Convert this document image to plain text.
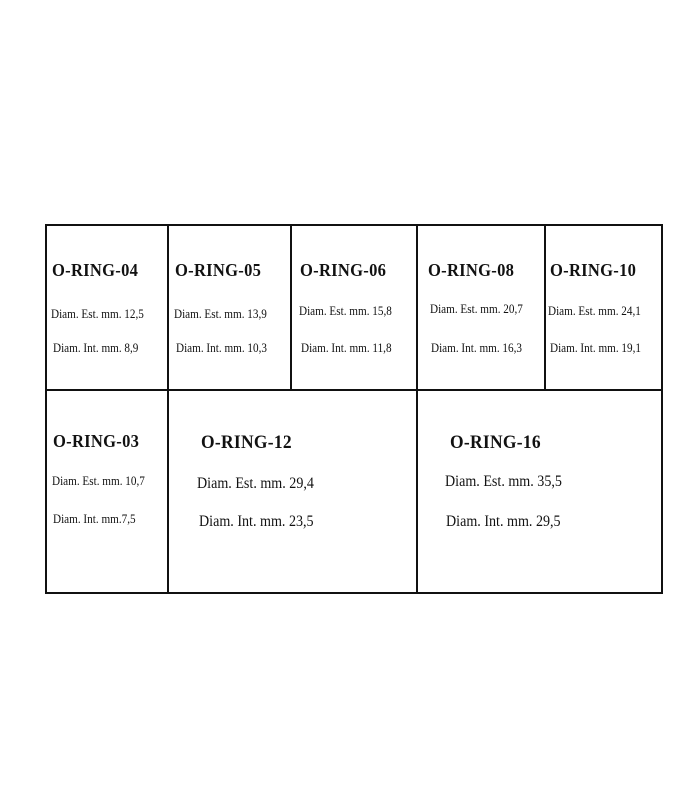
O-RING-04
Diam. Est. mm. 12,5
Diam. Int. mm. 8,9
O-RING-05
Diam. Est. mm. 13,9
Diam. Int. mm. 10,3
O-RING-06
Diam. Est. mm. 15,8
Diam. Int. mm. 11,8
O-RING-08
Diam. Est. mm. 20,7
Diam. Int. mm. 16,3
O-RING-10
Diam. Est. mm. 24,1
Diam. Int. mm. 19,1
O-RING-03
Diam. Est. mm. 10,7
Diam. Int. mm.7,5
O-RING-12
Diam. Est. mm. 29,4
Diam. Int. mm. 23,5
O-RING-16
Diam. Est. mm. 35,5
Diam. Int. mm. 29,5
